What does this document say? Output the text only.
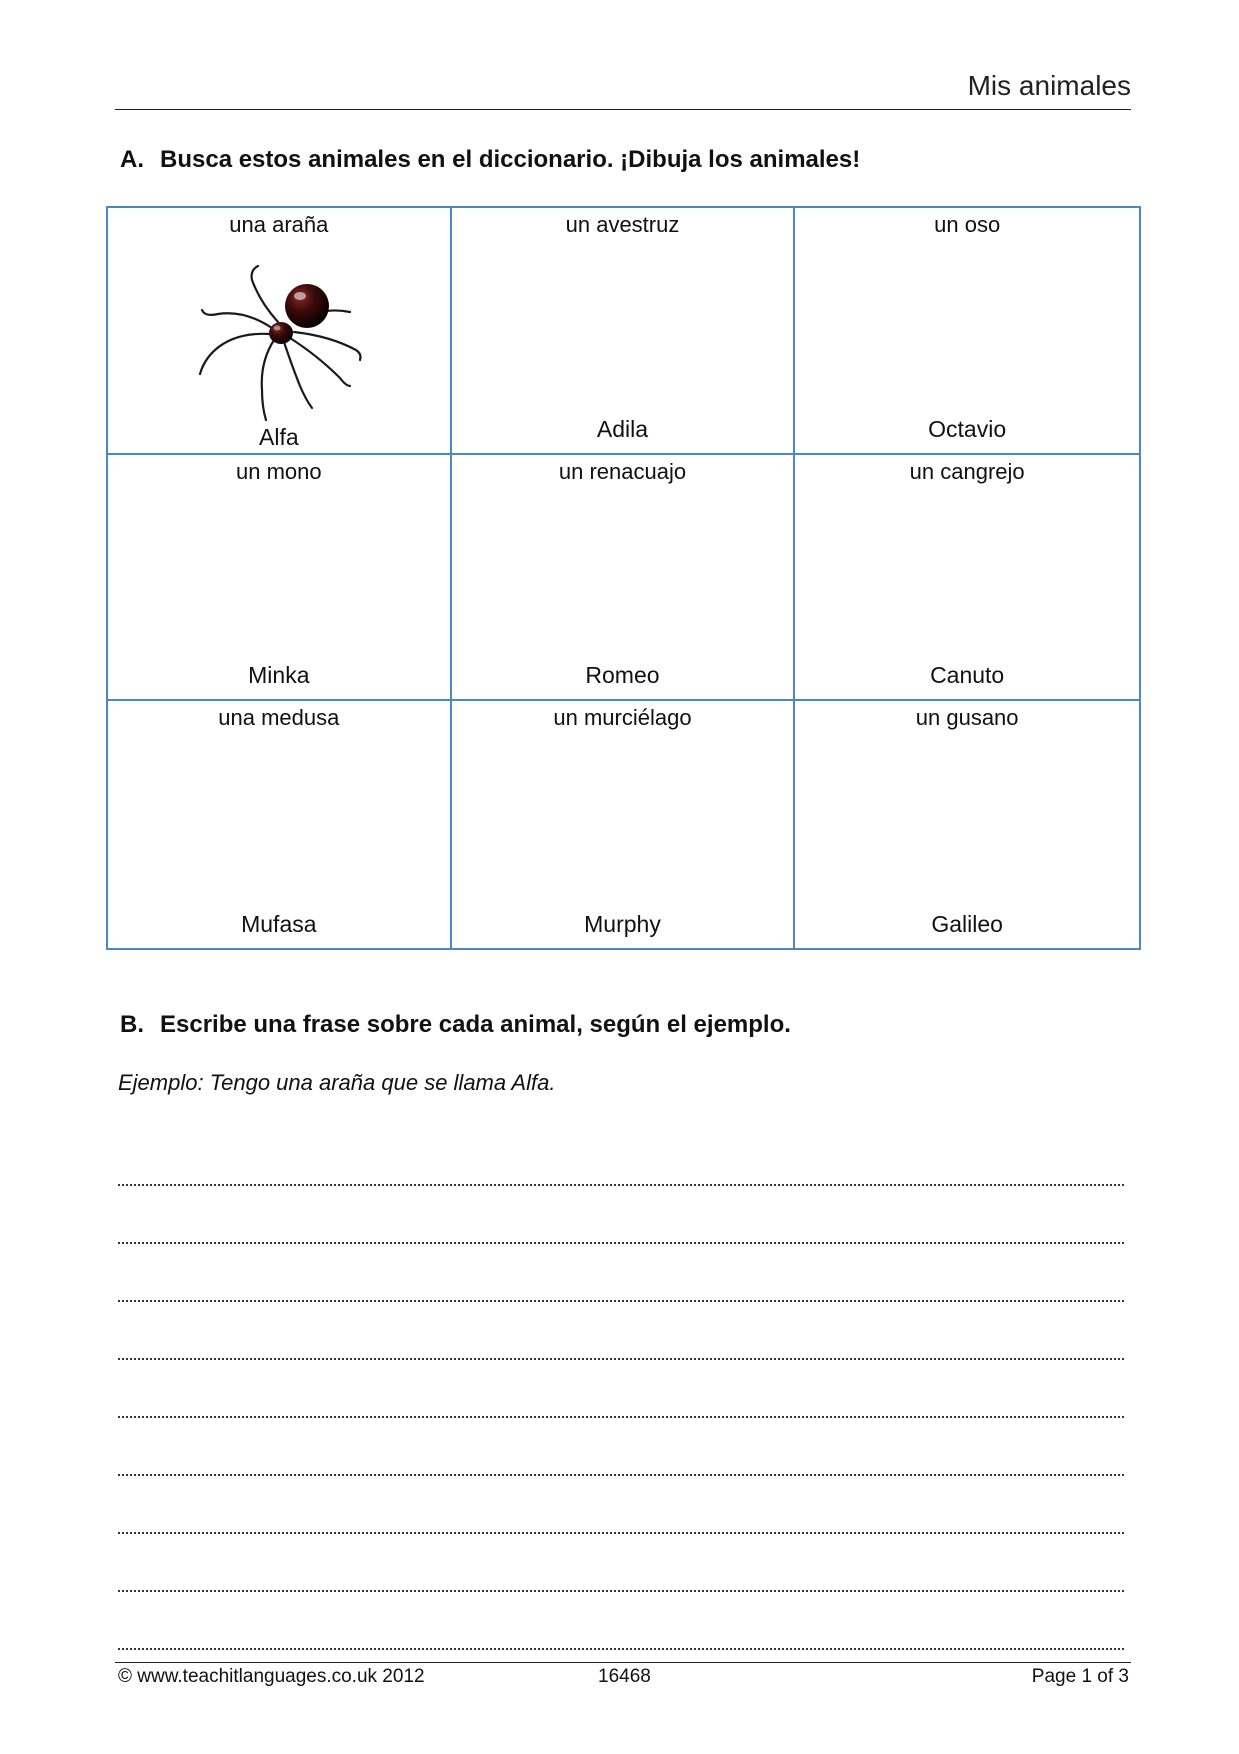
Mis animales
A. Busca estos animales en el diccionario. ¡Dibuja los animales!
una araña
Alfa
un avestruz
Adila
un oso
Octavio
un mono
Minka
un renacuajo
Romeo
un cangrejo
Canuto
una medusa
Mufasa
un murciélago
Murphy
un gusano
Galileo
B. Escribe una frase sobre cada animal, según el ejemplo.
Ejemplo: Tengo una araña que se llama Alfa.
© www.teachitlanguages.co.uk 2012	16468	Page 1 of 3
